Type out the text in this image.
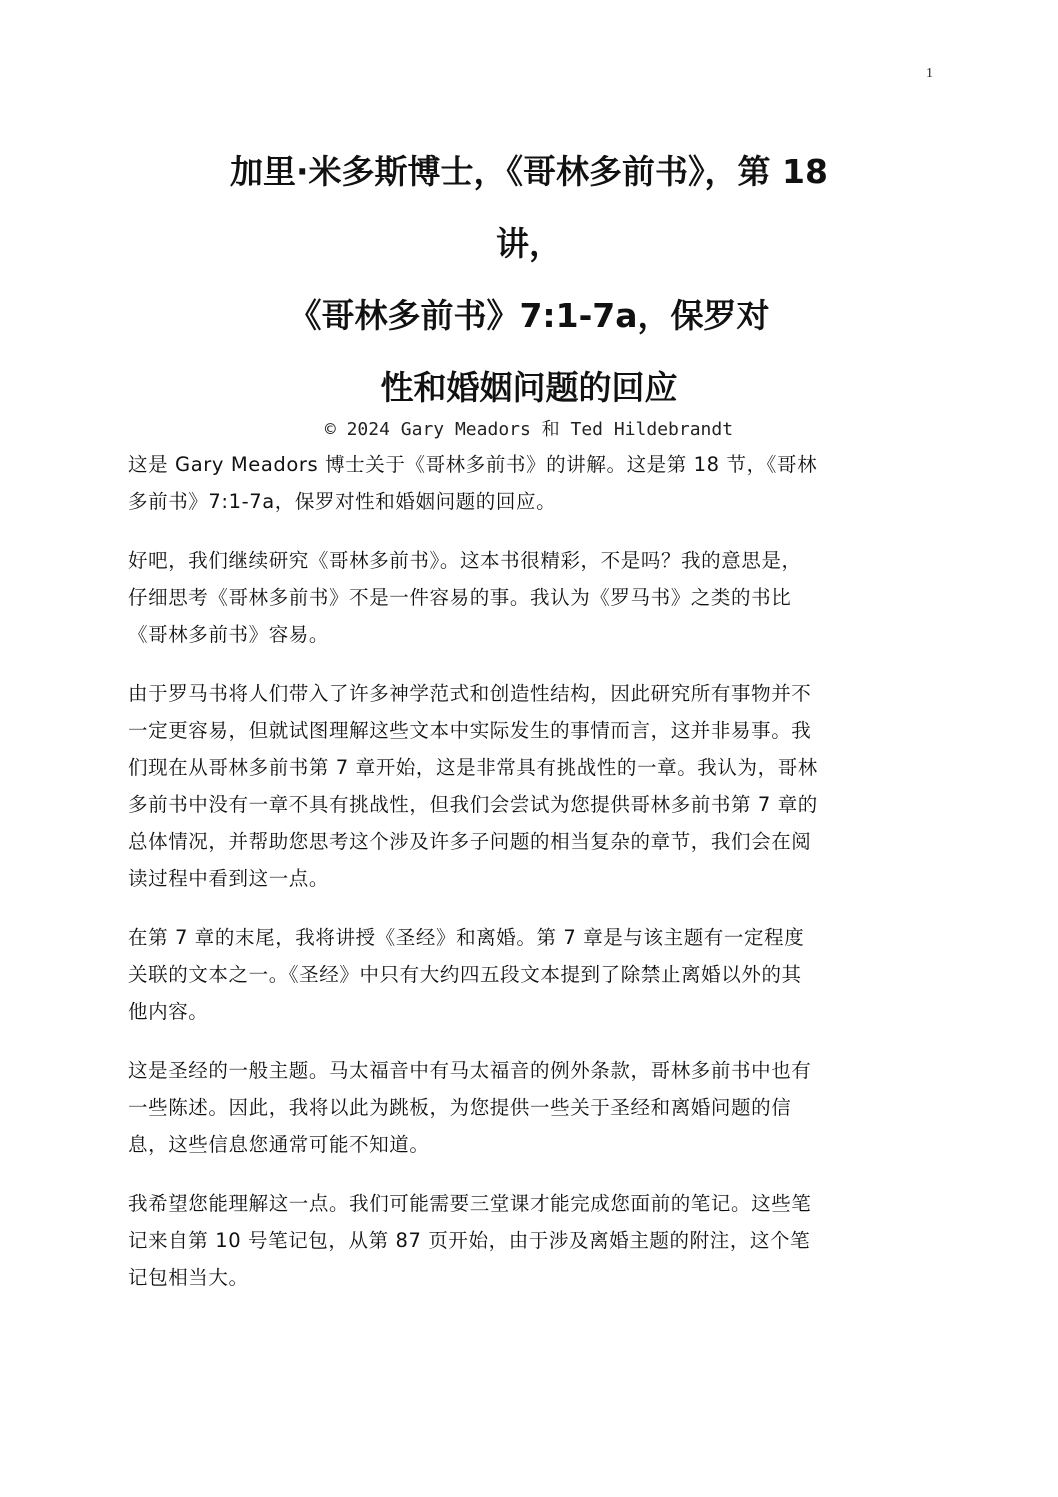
1
加里·米多斯博士，《哥林多前书》，第 18
讲，
《哥林多前书》7:1-7a，保罗对
性和婚姻问题的回应
© 2024 Gary Meadors 和 Ted Hildebrandt

这是 Gary Meadors 博士关于《哥林多前书》的讲解。这是第 18 节，《哥林
多前书》7:1-7a，保罗对性和婚姻问题的回应。

好吧，我们继续研究《哥林多前书》。这本书很精彩，不是吗？我的意思是，
仔细思考《哥林多前书》不是一件容易的事。我认为《罗马书》之类的书比
《哥林多前书》容易。

由于罗马书将人们带入了许多神学范式和创造性结构，因此研究所有事物并不
一定更容易，但就试图理解这些文本中实际发生的事情而言，这并非易事。我
们现在从哥林多前书第 7 章开始，这是非常具有挑战性的一章。我认为，哥林
多前书中没有一章不具有挑战性，但我们会尝试为您提供哥林多前书第 7 章的
总体情况，并帮助您思考这个涉及许多子问题的相当复杂的章节，我们会在阅
读过程中看到这一点。

在第 7 章的末尾，我将讲授《圣经》和离婚。第 7 章是与该主题有一定程度
关联的文本之一。《圣经》中只有大约四五段文本提到了除禁止离婚以外的其
他内容。

这是圣经的一般主题。马太福音中有马太福音的例外条款，哥林多前书中也有
一些陈述。因此，我将以此为跳板，为您提供一些关于圣经和离婚问题的信
息，这些信息您通常可能不知道。

我希望您能理解这一点。我们可能需要三堂课才能完成您面前的笔记。这些笔
记来自第 10 号笔记包，从第 87 页开始，由于涉及离婚主题的附注，这个笔
记包相当大。
